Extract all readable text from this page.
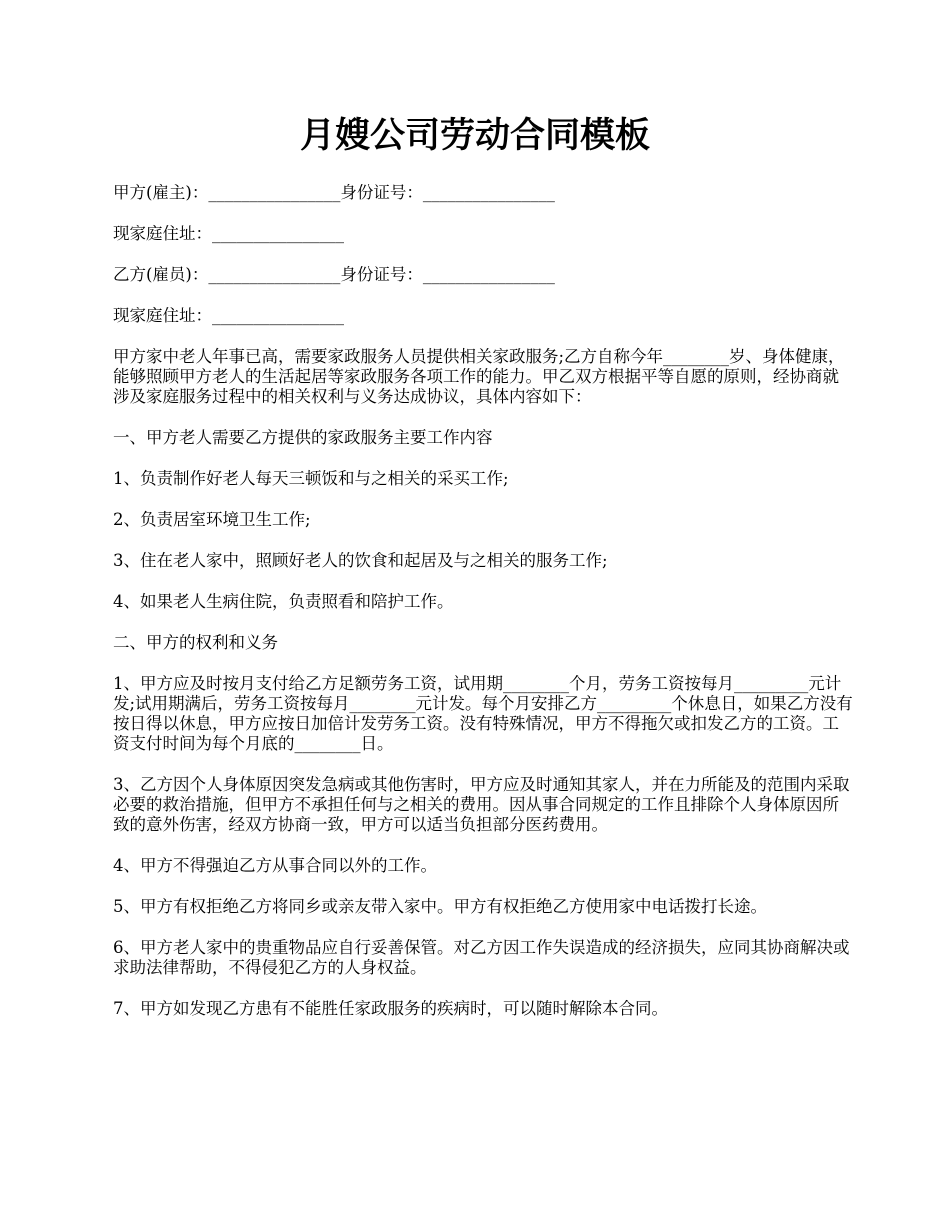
月嫂公司劳动合同模板

甲方(雇主)：________________身份证号：________________

现家庭住址：________________

乙方(雇员)：________________身份证号：________________

现家庭住址：________________

甲方家中老人年事已高，需要家政服务人员提供相关家政服务;乙方自称今年________岁、身体健康，能够照顾甲方老人的生活起居等家政服务各项工作的能力。甲乙双方根据平等自愿的原则，经协商就涉及家庭服务过程中的相关权利与义务达成协议，具体内容如下：

一、甲方老人需要乙方提供的家政服务主要工作内容

1、负责制作好老人每天三顿饭和与之相关的采买工作;

2、负责居室环境卫生工作;

3、住在老人家中，照顾好老人的饮食和起居及与之相关的服务工作;

4、如果老人生病住院，负责照看和陪护工作。

二、甲方的权利和义务

1、甲方应及时按月支付给乙方足额劳务工资，试用期________个月，劳务工资按每月_________元计发;试用期满后，劳务工资按每月________元计发。每个月安排乙方_________个休息日，如果乙方没有按日得以休息，甲方应按日加倍计发劳务工资。没有特殊情况，甲方不得拖欠或扣发乙方的工资。工资支付时间为每个月底的________日。

3、乙方因个人身体原因突发急病或其他伤害时，甲方应及时通知其家人，并在力所能及的范围内采取必要的救治措施，但甲方不承担任何与之相关的费用。因从事合同规定的工作且排除个人身体原因所致的意外伤害，经双方协商一致，甲方可以适当负担部分医药费用。

4、甲方不得强迫乙方从事合同以外的工作。

5、甲方有权拒绝乙方将同乡或亲友带入家中。甲方有权拒绝乙方使用家中电话拨打长途。

6、甲方老人家中的贵重物品应自行妥善保管。对乙方因工作失误造成的经济损失，应同其协商解决或求助法律帮助，不得侵犯乙方的人身权益。

7、甲方如发现乙方患有不能胜任家政服务的疾病时，可以随时解除本合同。
